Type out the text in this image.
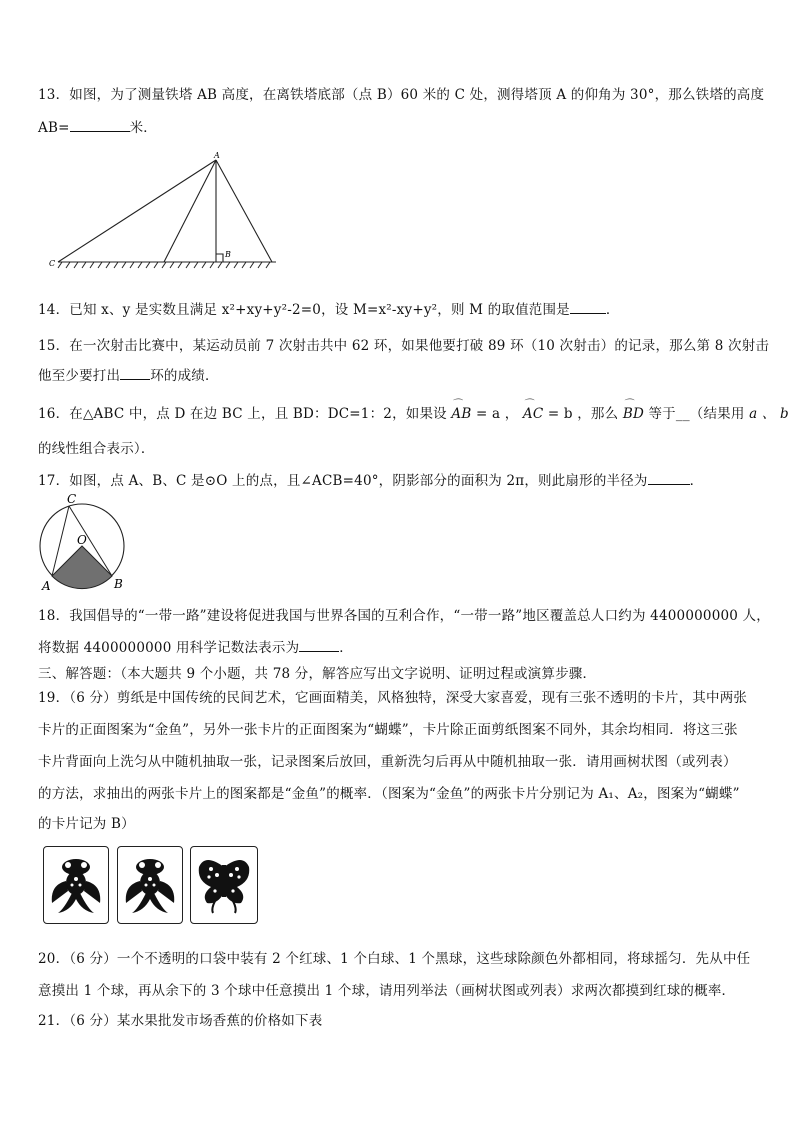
13．如图，为了测量铁塔 AB 高度，在离铁塔底部（点 B）60 米的 C 处，测得塔顶 A 的仰角为 30°，那么铁塔的高度
AB=	米．
A
B
C
14．已知 x、y 是实数且满足 x²+xy+y²-2=0，设 M=x²-xy+y²，则 M 的取值范围是	．
15．在一次射击比赛中，某运动员前 7 次射击共中 62 环，如果他要打破 89 环（10 次射击）的记录，那么第 8 次射击
他至少要打出 环的成绩．
16．在△ABC 中，点 D 在边 BC 上，且 BD：DC=1：2，如果设 ⌒ AB = a ， ⌒ AC = b ，那么 ⌒ BD 等于__（结果用 a 、 b
的线性组合表示）．
17．如图，点 A、B、C 是⊙O 上的点，且∠ACB=40°，阴影部分的面积为 2π，则此扇形的半径为	．
C
O
A	B
18．我国倡导的“一带一路”建设将促进我国与世界各国的互利合作，“一带一路”地区覆盖总人口约为 4400000000 人，
将数据 4400000000 用科学记数法表示为	．
三、解答题：（本大题共 9 个小题，共 78 分，解答应写出文字说明、证明过程或演算步骤．
19．（6 分）剪纸是中国传统的民间艺术，它画面精美，风格独特，深受大家喜爱，现有三张不透明的卡片，其中两张
卡片的正面图案为“金鱼”，另外一张卡片的正面图案为“蝴蝶”，卡片除正面剪纸图案不同外，其余均相同．将这三张
卡片背面向上洗匀从中随机抽取一张，记录图案后放回，重新洗匀后再从中随机抽取一张．请用画树状图（或列表）
的方法，求抽出的两张卡片上的图案都是“金鱼”的概率．（图案为“金鱼”的两张卡片分别记为 A₁、A₂，图案为“蝴蝶”
的卡片记为 B）
20．（6 分）一个不透明的口袋中装有 2 个红球、1 个白球、1 个黑球，这些球除颜色外都相同，将球摇匀．先从中任
意摸出 1 个球，再从余下的 3 个球中任意摸出 1 个球，请用列举法（画树状图或列表）求两次都摸到红球的概率．
21．（6 分）某水果批发市场香蕉的价格如下表
